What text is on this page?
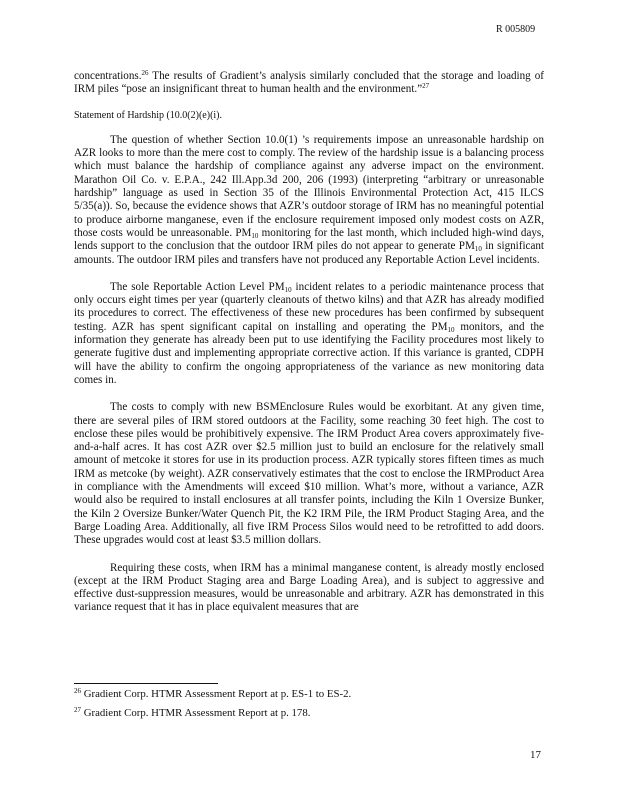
R 005809

concentrations.$^{26}$ The results of Gradient’s analysis similarly concluded that the storage and loading of IRM piles “pose an insignificant threat to human health and the environment.”$^{27}$

Statement of Hardship (10.0(2)(e)(i).

The question of whether Section 10.0(1) ’s requirements impose an unreasonable hardship on AZR looks to more than the mere cost to comply. The review of the hardship issue is a balancing process which must balance the hardship of compliance against any adverse impact on the environment. Marathon Oil Co. v. E.P.A., 242 Ill.App.3d 200, 206 (1993) (interpreting “arbitrary or unreasonable hardship” language as used in Section 35 of the Illinois Environmental Protection Act, 415 ILCS 5/35(a)). So, because the evidence shows that AZR’s outdoor storage of IRM has no meaningful potential to produce airborne manganese, even if the enclosure requirement imposed only modest costs on AZR, those costs would be unreasonable. $PM_{10}$ monitoring for the last month, which included high-wind days, lends support to the conclusion that the outdoor IRM piles do not appear to generate $PM_{10}$ in significant amounts. The outdoor IRM piles and transfers have not produced any Reportable Action Level incidents.

The sole Reportable Action Level $PM_{10}$ incident relates to a periodic maintenance process that only occurs eight times per year (quarterly cleanouts of thetwo kilns) and that AZR has already modified its procedures to correct. The effectiveness of these new procedures has been confirmed by subsequent testing. AZR has spent significant capital on installing and operating the $PM_{10}$ monitors, and the information they generate has already been put to use identifying the Facility procedures most likely to generate fugitive dust and implementing appropriate corrective action. If this variance is granted, CDPH will have the ability to confirm the ongoing appropriateness of the variance as new monitoring data comes in.

The costs to comply with new BSMEnclosure Rules would be exorbitant. At any given time, there are several piles of IRM stored outdoors at the Facility, some reaching 30 feet high. The cost to enclose these piles would be prohibitively expensive. The IRM Product Area covers approximately five-and-a-half acres. It has cost AZR over $2.5 million just to build an enclosure for the relatively small amount of metcoke it stores for use in its production process. AZR typically stores fifteen times as much IRM as metcoke (by weight). AZR conservatively estimates that the cost to enclose the IRMProduct Area in compliance with the Amendments will exceed $10 million. What’s more, without a variance, AZR would also be required to install enclosures at all transfer points, including the Kiln 1 Oversize Bunker, the Kiln 2 Oversize Bunker/Water Quench Pit, the K2 IRM Pile, the IRM Product Staging Area, and the Barge Loading Area. Additionally, all five IRM Process Silos would need to be retrofitted to add doors. These upgrades would cost at least $3.5 million dollars.

Requiring these costs, when IRM has a minimal manganese content, is already mostly enclosed (except at the IRM Product Staging area and Barge Loading Area), and is subject to aggressive and effective dust-suppression measures, would be unreasonable and arbitrary. AZR has demonstrated in this variance request that it has in place equivalent measures that are

$^{26}$ Gradient Corp. HTMR Assessment Report at p. ES-1 to ES-2.
$^{27}$ Gradient Corp. HTMR Assessment Report at p. 178.
17
